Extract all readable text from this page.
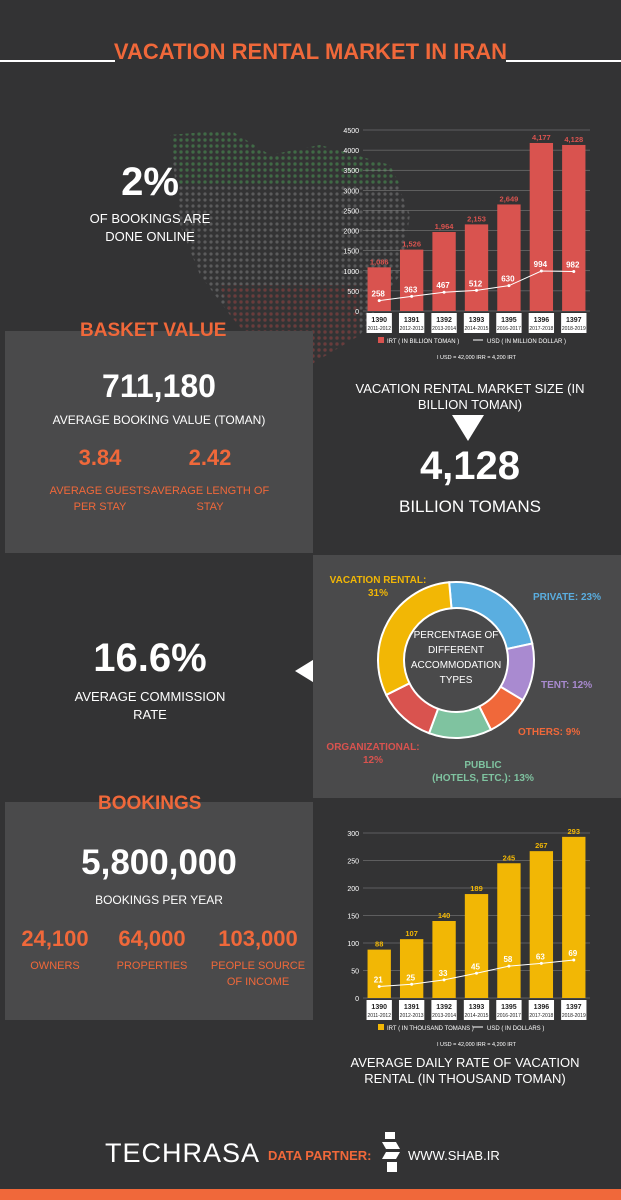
VACATION RENTAL MARKET IN IRAN
2%
OF BOOKINGS ARE DONE ONLINE
0
500
1000
1500
2000
2500
3000
3500
4000
4500
1,086
1390
2011-2012
1,526
1391
2012-2013
1,964
1392
2013-2014
2,153
1393
2014-2015
2,649
1395
2016-2017
4,177
1396
2017-2018
4,128
1397
2018-2019
258 363 467 512
630
994 982
IRT ( IN BILLION TOMAN )	USD ( IN MILLION DOLLAR )
I USD = 42,000 IRR = 4,200 IRT
BASKET VALUE
711,180
AVERAGE BOOKING VALUE (TOMAN)
3.84
AVERAGE GUESTS PER STAY
2.42
AVERAGE LENGTH OF STAY
VACATION RENTAL MARKET SIZE (IN BILLION TOMAN)
4,128
BILLION TOMANS
16.6%
AVERAGE COMMISSION RATE
PRIVATE: 23%
TENT: 12%
OTHERS: 9%
PUBLIC
(HOTELS, ETC.): 13%
ORGANIZATIONAL:
12%
VACATION RENTAL:
31%
PERCENTAGE OF
DIFFERENT
ACCOMMODATION
TYPES
BOOKINGS
5,800,000
BOOKINGS PER YEAR
24,100
OWNERS
64,000
PROPERTIES
103,000
PEOPLE SOURCE OF INCOME
0
50
100
150
200
250
300
88
1390
2011-2012
107
1391
2012-2013
140
1392
2013-2014
189
1393
2014-2015
245
1395
2016-2017
267
1396
2017-2018
293
1397
2018-2019
21	25	33
45
58	63	69
IRT ( IN THOUSAND TOMANS ) USD ( IN DOLLARS )
I USD = 42,000 IRR = 4,200 IRT
AVERAGE DAILY RATE OF VACATION RENTAL (IN THOUSAND TOMAN)
TECHRASA DATA PARTNER:	WWW.SHAB.IR
